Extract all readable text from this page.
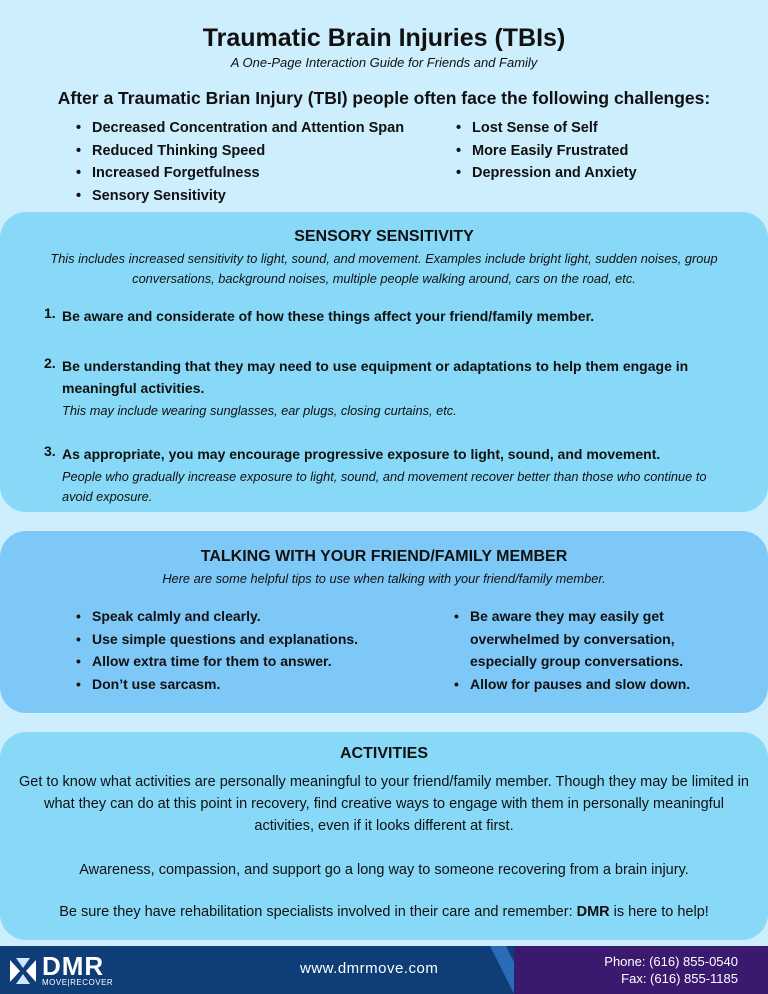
Traumatic Brain Injuries (TBIs)
A One-Page Interaction Guide for Friends and Family
After a Traumatic Brian Injury (TBI) people often face the following challenges:
• Decreased Concentration and Attention Span
• Reduced Thinking Speed
• Increased Forgetfulness
• Sensory Sensitivity
• Lost Sense of Self
• More Easily Frustrated
• Depression and Anxiety
SENSORY SENSITIVITY

This includes increased sensitivity to light, sound, and movement. Examples include bright light, sudden noises, group conversations, background noises, multiple people walking around, cars on the road, etc.

1. Be aware and considerate of how these things affect your friend/family member.
2. Be understanding that they may need to use equipment or adaptations to help them engage in meaningful activities.
This may include wearing sunglasses, ear plugs, closing curtains, etc.
3. As appropriate, you may encourage progressive exposure to light, sound, and movement.
People who gradually increase exposure to light, sound, and movement recover better than those who continue to avoid exposure.
TALKING WITH YOUR FRIEND/FAMILY MEMBER

Here are some helpful tips to use when talking with your friend/family member.

• Speak calmly and clearly.
• Use simple questions and explanations.
• Allow extra time for them to answer.
• Don’t use sarcasm.
• Be aware they may easily get overwhelmed by conversation, especially group conversations.
• Allow for pauses and slow down.
ACTIVITIES

Get to know what activities are personally meaningful to your friend/family member. Though they may be limited in what they can do at this point in recovery, find creative ways to engage with them in personally meaningful activities, even if it looks different at first.

Awareness, compassion, and support go a long way to someone recovering from a brain injury.

Be sure they have rehabilitation specialists involved in their care and remember: DMR is here to help!

DMR
MOVE|RECOVER
www.dmrmove.com	Phone: (616) 855-0540
Fax: (616) 855-1185
